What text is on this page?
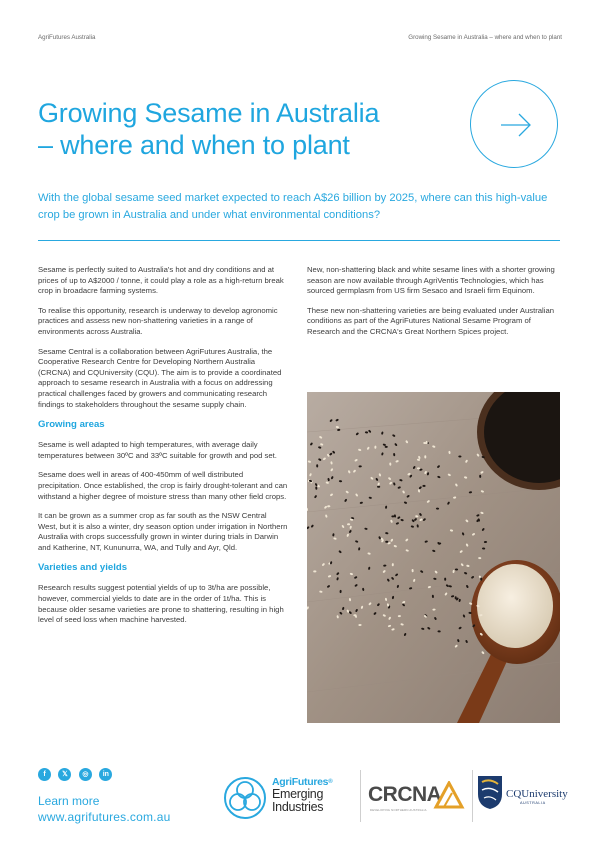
AgriFutures Australia	Growing Sesame in Australia – where and when to plant
Growing Sesame in Australia
– where and when to plant

With the global sesame seed market expected to reach A$26 billion by 2025, where can this high-value crop be grown in Australia and under what environmental conditions?

Sesame is perfectly suited to Australia's hot and dry conditions and at prices of up to A$2000 / tonne, it could play a role as a high-return break crop in broadacre farming systems.

To realise this opportunity, research is underway to develop agronomic practices and assess new non-shattering varieties in a range of environments across Australia.

Sesame Central is a collaboration between AgriFutures Australia, the Cooperative Research Centre for Developing Northern Australia (CRCNA) and CQUniversity (CQU). The aim is to provide a coordinated approach to sesame research in Australia with a focus on addressing practical challenges faced by growers and communicating research findings to stakeholders throughout the sesame supply chain.

Growing areas

Sesame is well adapted to high temperatures, with average daily temperatures between 30ºC and 33ºC suitable for growth and pod set.

Sesame does well in areas of 400-450mm of well distributed precipitation. Once established, the crop is fairly drought-tolerant and can withstand a higher degree of moisture stress than many other field crops.

It can be grown as a summer crop as far south as the NSW Central West, but it is also a winter, dry season option under irrigation in Northern Australia with crops successfully grown in winter during trials in Darwin and Katherine, NT, Kununurra, WA, and Tully and Ayr, Qld.

Varieties and yields

Research results suggest potential yields of up to 3t/ha are possible, however, commercial yields to date are in the order of 1t/ha. This is because older sesame varieties are prone to shattering, resulting in high level of seed loss when machine harvested.

New, non-shattering black and white sesame lines with a shorter growing season are now available through AgriVentis Technologies, which has sourced germplasm from US firm Sesaco and Israeli firm Equinom.

These new non-shattering varieties are being evaluated under Australian conditions as part of the AgriFutures National Sesame Program of Research and the CRCNA's Great Northern Spices project.

f 𝕏 ◎ in
Learn more
www.agrifutures.com.au
AgriFutures®
Emerging
Industries
CRCNA
DEVELOPING NORTHERN AUSTRALIA
CQUniversity
AUSTRALIA
